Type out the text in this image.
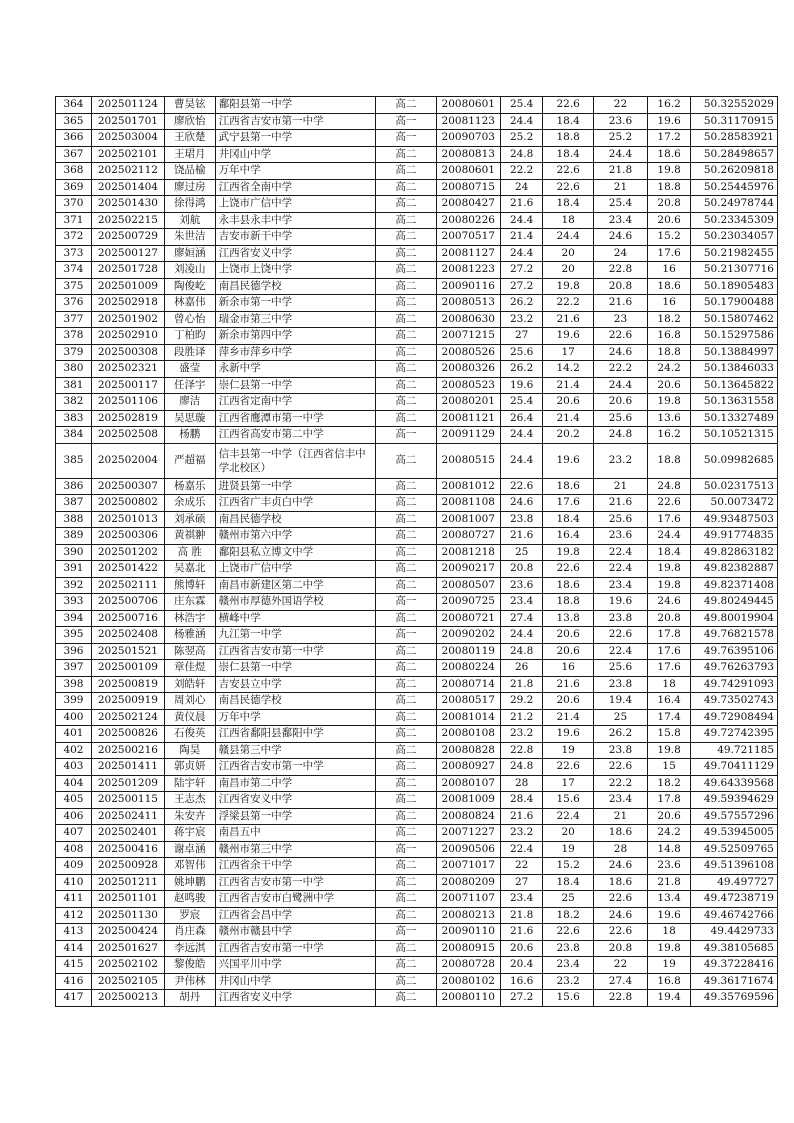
364	202501124	曹昊铉	鄱阳县第一中学	高二	20080601	25.4	22.6	22	16.2	50.32552029
365	202501701	廖欣怡	江西省吉安市第一中学	高一	20081123	24.4	18.4	23.6	19.6	50.31170915
366	202503004	王欣楚	武宁县第一中学	高一	20090703	25.2	18.8	25.2	17.2	50.28583921
367	202502101	王珺月	井冈山中学	高二	20080813	24.8	18.4	24.4	18.6	50.28498657
368	202502112	饶品榆	万年中学	高二	20080601	22.2	22.6	21.8	19.8	50.26209818
369	202501404	廖过房	江西省全南中学	高二	20080715	24	22.6	21	18.8	50.25445976
370	202501430	徐得鸿	上饶市广信中学	高二	20080427	21.6	18.4	25.4	20.8	50.24978744
371	202502215	刘航	永丰县永丰中学	高二	20080226	24.4	18	23.4	20.6	50.23345309
372	202500729	朱世洁	吉安市新干中学	高二	20070517	21.4	24.4	24.6	15.2	50.23034057
373	202500127	廖姮涵	江西省安义中学	高二	20081127	24.4	20	24	17.6	50.21982455
374	202501728	刘凌山	上饶市上饶中学	高二	20081223	27.2	20	22.8	16	50.21307716
375	202501009	陶俊屹	南昌民德学校	高二	20090116	27.2	19.8	20.8	18.6	50.18905483
376	202502918	林嘉伟	新余市第一中学	高二	20080513	26.2	22.2	21.6	16	50.17900488
377	202501902	曾心怡	瑞金市第三中学	高二	20080630	23.2	21.6	23	18.2	50.15807462
378	202502910	丁柏昀	新余市第四中学	高二	20071215	27	19.6	22.6	16.8	50.15297586
379	202500308	段胜译	萍乡市萍乡中学	高二	20080526	25.6	17	24.6	18.8	50.13884997
380	202502321	盛莹	永新中学	高二	20080326	26.2	14.2	22.2	24.2	50.13846033
381	202500117	任泽宇	崇仁县第一中学	高二	20080523	19.6	21.4	24.4	20.6	50.13645822
382	202501106	廖洁	江西省定南中学	高二	20080201	25.4	20.6	20.6	19.8	50.13631558
383	202502819	吴思璇	江西省鹰潭市第一中学	高二	20081121	26.4	21.4	25.6	13.6	50.13327489
384	202502508	杨鹏	江西省高安市第二中学	高一	20091129	24.4	20.2	24.8	16.2	50.10521315
385	202502004	严超福	信丰县第一中学（江西省信丰中学北校区）	高二	20080515	24.4	19.6	23.2	18.8	50.09982685
386	202500307	杨嘉乐	进贤县第一中学	高二	20081012	22.6	18.6	21	24.8	50.02317513
387	202500802	余成乐	江西省广丰贞白中学	高二	20081108	24.6	17.6	21.6	22.6	50.0073472
388	202501013	刘承硕	南昌民德学校	高二	20081007	23.8	18.4	25.6	17.6	49.93487503
389	202500306	黄祺翀	赣州市第六中学	高二	20080727	21.6	16.4	23.6	24.4	49.91774835
390	202501202	高 胜	鄱阳县私立博文中学	高二	20081218	25	19.8	22.4	18.4	49.82863182
391	202501422	吴嘉北	上饶市广信中学	高二	20090217	20.8	22.6	22.4	19.8	49.82382887
392	202502111	熊博轩	南昌市新建区第二中学	高二	20080507	23.6	18.6	23.4	19.8	49.82371408
393	202500706	庄东霖	赣州市厚德外国语学校	高一	20090725	23.4	18.8	19.6	24.6	49.80249445
394	202500716	林浩宇	横峰中学	高二	20080721	27.4	13.8	23.8	20.8	49.80019904
395	202502408	杨雅涵	九江第一中学	高一	20090202	24.4	20.6	22.6	17.8	49.76821578
396	202501521	陈翌高	江西省吉安市第一中学	高二	20080119	24.8	20.6	22.4	17.6	49.76395106
397	202500109	章佳煜	崇仁县第一中学	高二	20080224	26	16	25.6	17.6	49.76263793
398	202500819	刘皓轩	吉安县立中学	高二	20080714	21.8	21.6	23.8	18	49.74291093
399	202500919	周刘心	南昌民德学校	高二	20080517	29.2	20.6	19.4	16.4	49.73502743
400	202502124	黄仪晨	万年中学	高二	20081014	21.2	21.4	25	17.4	49.72908494
401	202500826	石俊英	江西省鄱阳县鄱阳中学	高二	20080108	23.2	19.6	26.2	15.8	49.72742395
402	202500216	陶昊	赣县第三中学	高二	20080828	22.8	19	23.8	19.8	49.721185
403	202501411	郭贞妍	江西省吉安市第一中学	高二	20080927	24.8	22.6	22.6	15	49.70411129
404	202501209	陆宇轩	南昌市第二中学	高二	20080107	28	17	22.2	18.2	49.64339568
405	202500115	王志杰	江西省安义中学	高二	20081009	28.4	15.6	23.4	17.8	49.59394629
406	202502411	朱安卉	浮梁县第一中学	高二	20080824	21.6	22.4	21	20.6	49.57557296
407	202502401	蒋宇宸	南昌五中	高二	20071227	23.2	20	18.6	24.2	49.53945005
408	202500416	谢卓涵	赣州市第三中学	高一	20090506	22.4	19	28	14.8	49.52509765
409	202500928	邓智伟	江西省余干中学	高二	20071017	22	15.2	24.6	23.6	49.51396108
410	202501211	姚坤鹏	江西省吉安市第一中学	高二	20080209	27	18.4	18.6	21.8	49.497727
411	202501101	赵鸣骏	江西省吉安市白鹭洲中学	高二	20071107	23.4	25	22.6	13.4	49.47238719
412	202501130	罗宸	江西省会昌中学	高二	20080213	21.8	18.2	24.6	19.6	49.46742766
413	202500424	肖庄森	赣州市赣县中学	高一	20090110	21.6	22.6	22.6	18	49.4429733
414	202501627	李远淇	江西省吉安市第一中学	高二	20080915	20.6	23.8	20.8	19.8	49.38105685
415	202502102	黎俊皓	兴国平川中学	高二	20080728	20.4	23.4	22	19	49.37228416
416	202502105	尹伟林	井冈山中学	高二	20080102	16.6	23.2	27.4	16.8	49.36171674
417	202500213	胡丹	江西省安义中学	高二	20080110	27.2	15.6	22.8	19.4	49.35769596
